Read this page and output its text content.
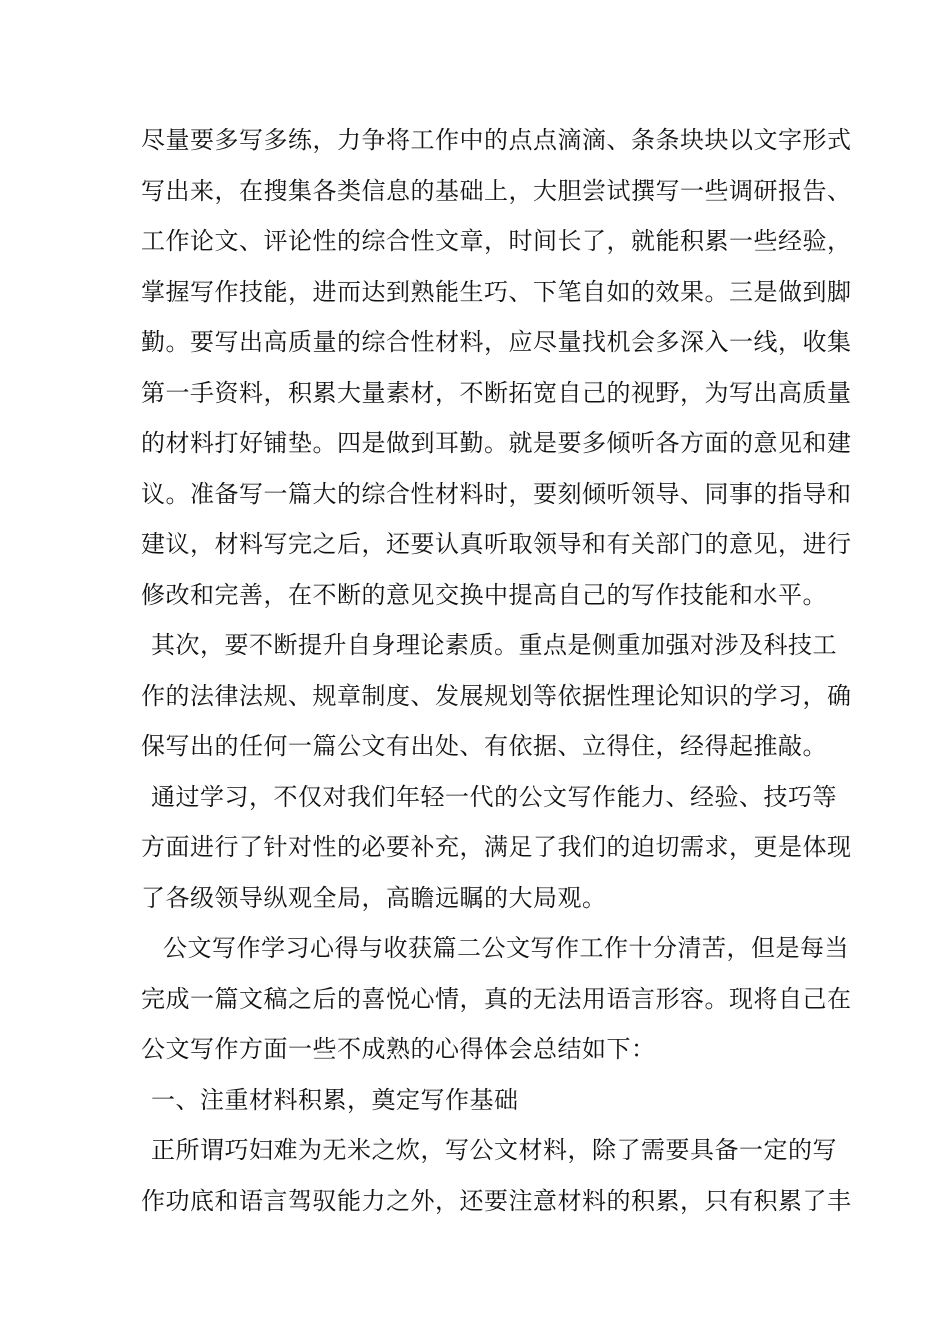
尽量要多写多练，力争将工作中的点点滴滴、条条块块以文字形式
写出来，在搜集各类信息的基础上，大胆尝试撰写一些调研报告、
工作论文、评论性的综合性文章，时间长了，就能积累一些经验，
掌握写作技能，进而达到熟能生巧、下笔自如的效果。三是做到脚
勤。要写出高质量的综合性材料，应尽量找机会多深入一线，收集
第一手资料，积累大量素材，不断拓宽自己的视野，为写出高质量
的材料打好铺垫。四是做到耳勤。就是要多倾听各方面的意见和建
议。准备写一篇大的综合性材料时，要刻倾听领导、同事的指导和
建议，材料写完之后，还要认真听取领导和有关部门的意见，进行
修改和完善，在不断的意见交换中提高自己的写作技能和水平。
其次，要不断提升自身理论素质。重点是侧重加强对涉及科技工
作的法律法规、规章制度、发展规划等依据性理论知识的学习，确
保写出的任何一篇公文有出处、有依据、立得住，经得起推敲。
通过学习，不仅对我们年轻一代的公文写作能力、经验、技巧等
方面进行了针对性的必要补充，满足了我们的迫切需求，更是体现
了各级领导纵观全局，高瞻远瞩的大局观。
公文写作学习心得与收获篇二公文写作工作十分清苦，但是每当
完成一篇文稿之后的喜悦心情，真的无法用语言形容。现将自己在
公文写作方面一些不成熟的心得体会总结如下：
一、注重材料积累，奠定写作基础
正所谓巧妇难为无米之炊，写公文材料，除了需要具备一定的写
作功底和语言驾驭能力之外，还要注意材料的积累，只有积累了丰
